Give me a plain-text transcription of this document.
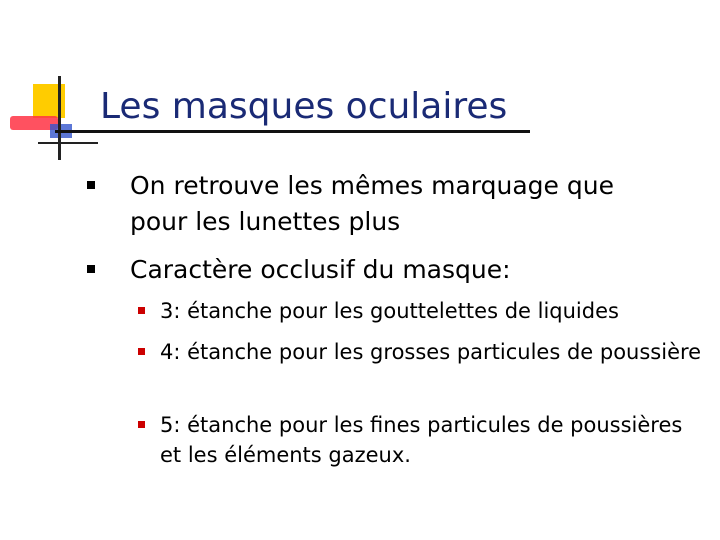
Les masques oculaires
On retrouve les mêmes marquage que pour les lunettes plus
Caractère occlusif du masque:
3: étanche pour les gouttelettes de liquides
4: étanche pour les grosses particules de poussière
5: étanche pour les fines particules de poussières et les éléments gazeux.
